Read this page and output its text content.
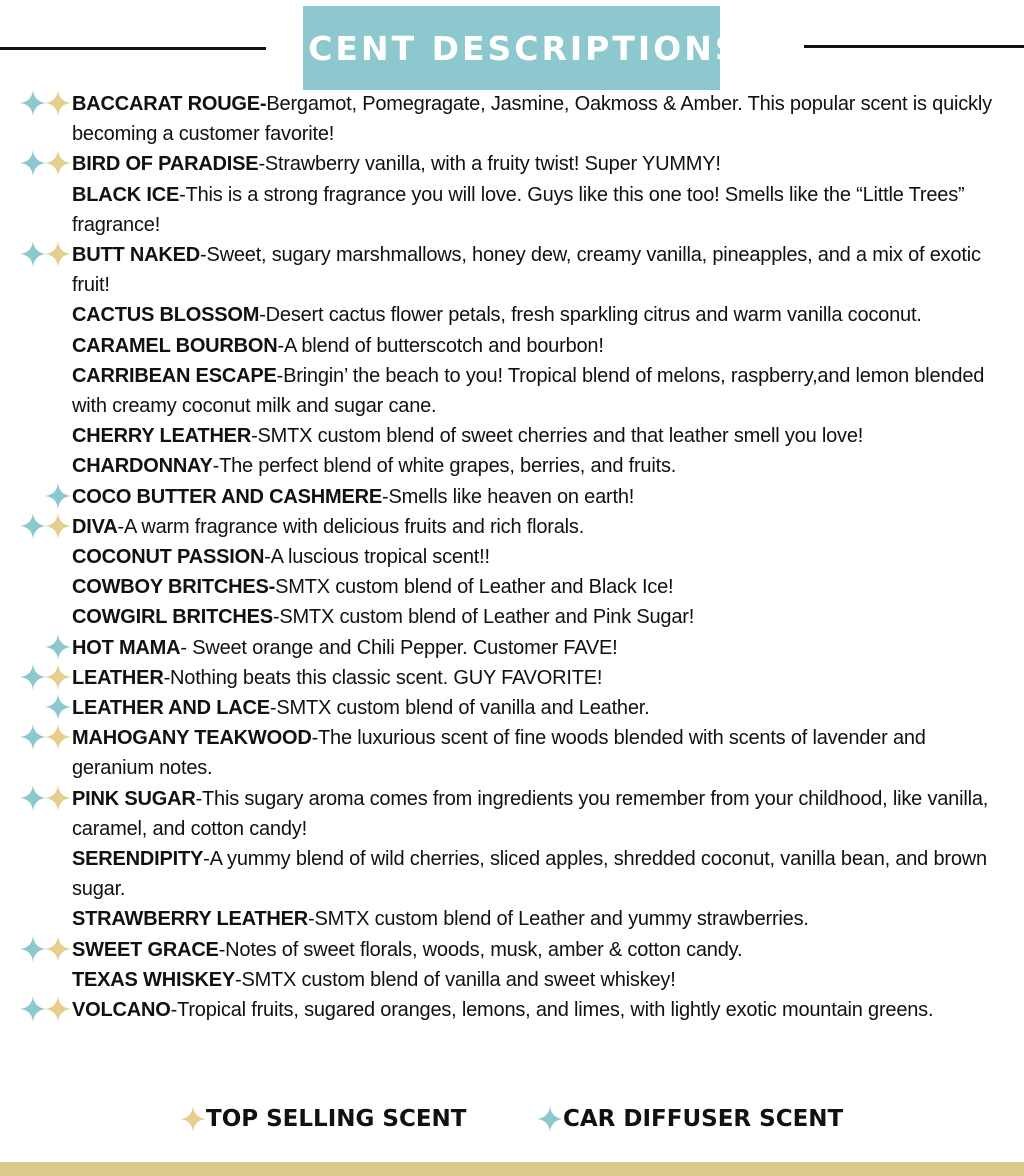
SCENT DESCRIPTIONS

BACCARAT ROUGE-Bergamot, Pomegragate, Jasmine, Oakmoss & Amber. This popular scent is quickly becoming a customer favorite!

BIRD OF PARADISE-Strawberry vanilla, with a fruity twist! Super YUMMY!

BLACK ICE-This is a strong fragrance you will love. Guys like this one too! Smells like the “Little Trees” fragrance!

BUTT NAKED-Sweet, sugary marshmallows, honey dew, creamy vanilla, pineapples, and a mix of exotic fruit!

CACTUS BLOSSOM-Desert cactus flower petals, fresh sparkling citrus and warm vanilla coconut.

CARAMEL BOURBON-A blend of butterscotch and bourbon!

CARRIBEAN ESCAPE-Bringin’ the beach to you! Tropical blend of melons, raspberry,and lemon blended with creamy coconut milk and sugar cane.

CHERRY LEATHER-SMTX custom blend of sweet cherries and that leather smell you love!

CHARDONNAY-The perfect blend of white grapes, berries, and fruits.

COCO BUTTER AND CASHMERE-Smells like heaven on earth!

DIVA-A warm fragrance with delicious fruits and rich florals.

COCONUT PASSION-A luscious tropical scent!!

COWBOY BRITCHES-SMTX custom blend of Leather and Black Ice!

COWGIRL BRITCHES-SMTX custom blend of Leather and Pink Sugar!

HOT MAMA- Sweet orange and Chili Pepper. Customer FAVE!

LEATHER-Nothing beats this classic scent. GUY FAVORITE!

LEATHER AND LACE-SMTX custom blend of vanilla and Leather.

MAHOGANY TEAKWOOD-The luxurious scent of fine woods blended with scents of lavender and geranium notes.

PINK SUGAR-This sugary aroma comes from ingredients you remember from your childhood, like vanilla, caramel, and cotton candy!

SERENDIPITY-A yummy blend of wild cherries, sliced apples, shredded coconut, vanilla bean, and brown sugar.

STRAWBERRY LEATHER-SMTX custom blend of Leather and yummy strawberries.

SWEET GRACE-Notes of sweet florals, woods, musk, amber & cotton candy.

TEXAS WHISKEY-SMTX custom blend of vanilla and sweet whiskey!

VOLCANO-Tropical fruits, sugared oranges, lemons, and limes, with lightly exotic mountain greens.

TOP SELLING SCENT	CAR DIFFUSER SCENT
